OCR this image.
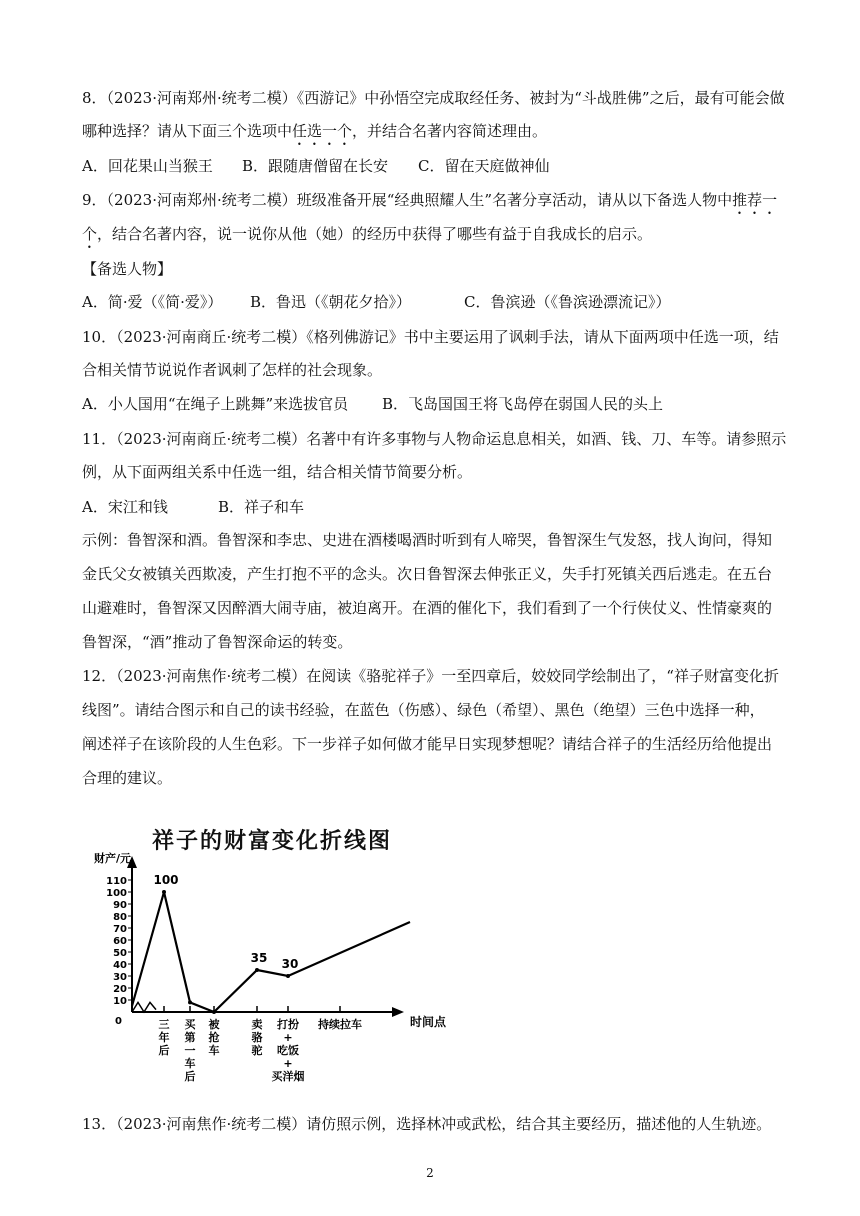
8．（2023·河南郑州·统考二模）《西游记》中孙悟空完成取经任务、被封为“斗战胜佛”之后，最有可能会做
哪种选择？请从下面三个选项中任选一个，并结合名著内容简述理由。
A．回花果山当猴王 B．跟随唐僧留在长安 C．留在天庭做神仙
9．（2023·河南郑州·统考二模）班级准备开展“经典照耀人生”名著分享活动，请从以下备选人物中推荐一
个，结合名著内容，说一说你从他（她）的经历中获得了哪些有益于自我成长的启示。
【备选人物】
A．简·爱（《简·爱》） B．鲁迅（《朝花夕拾》）	C．鲁滨逊（《鲁滨逊漂流记》）
10．（2023·河南商丘·统考二模）《格列佛游记》书中主要运用了讽刺手法，请从下面两项中任选一项，结
合相关情节说说作者讽刺了怎样的社会现象。
A．小人国用“在绳子上跳舞”来选拔官员 B．飞岛国国王将飞岛停在弱国人民的头上
11．（2023·河南商丘·统考二模）名著中有许多事物与人物命运息息相关，如酒、钱、刀、车等。请参照示
例，从下面两组关系中任选一组，结合相关情节简要分析。
A．宋江和钱	B．祥子和车
示例：鲁智深和酒。鲁智深和李忠、史进在酒楼喝酒时听到有人啼哭，鲁智深生气发怒，找人询问，得知
金氏父女被镇关西欺凌，产生打抱不平的念头。次日鲁智深去伸张正义，失手打死镇关西后逃走。在五台
山避难时，鲁智深又因醉酒大闹寺庙，被迫离开。在酒的催化下，我们看到了一个行侠仗义、性情豪爽的
鲁智深，“酒”推动了鲁智深命运的转变。
12．（2023·河南焦作·统考二模）在阅读《骆驼祥子》一至四章后，姣姣同学绘制出了，“祥子财富变化折
线图”。请结合图示和自己的读书经验，在蓝色（伤感）、绿色（希望）、黑色（绝望）三色中选择一种，
阐述祥子在该阶段的人生色彩。下一步祥子如何做才能早日实现梦想呢？请结合祥子的生活经历给他提出
合理的建议。
祥子的财富变化折线图
财产/元
时间点
0
10
20
30
40
50
60
70
80
90
100
110 100
35 30
三
年
后
买
第
一
车
后
被
抢
车
卖
骆
驼
打扮
+
吃饭
+
买洋烟
持续拉车
13．（2023·河南焦作·统考二模）请仿照示例，选择林冲或武松，结合其主要经历，描述他的人生轨迹。
2
